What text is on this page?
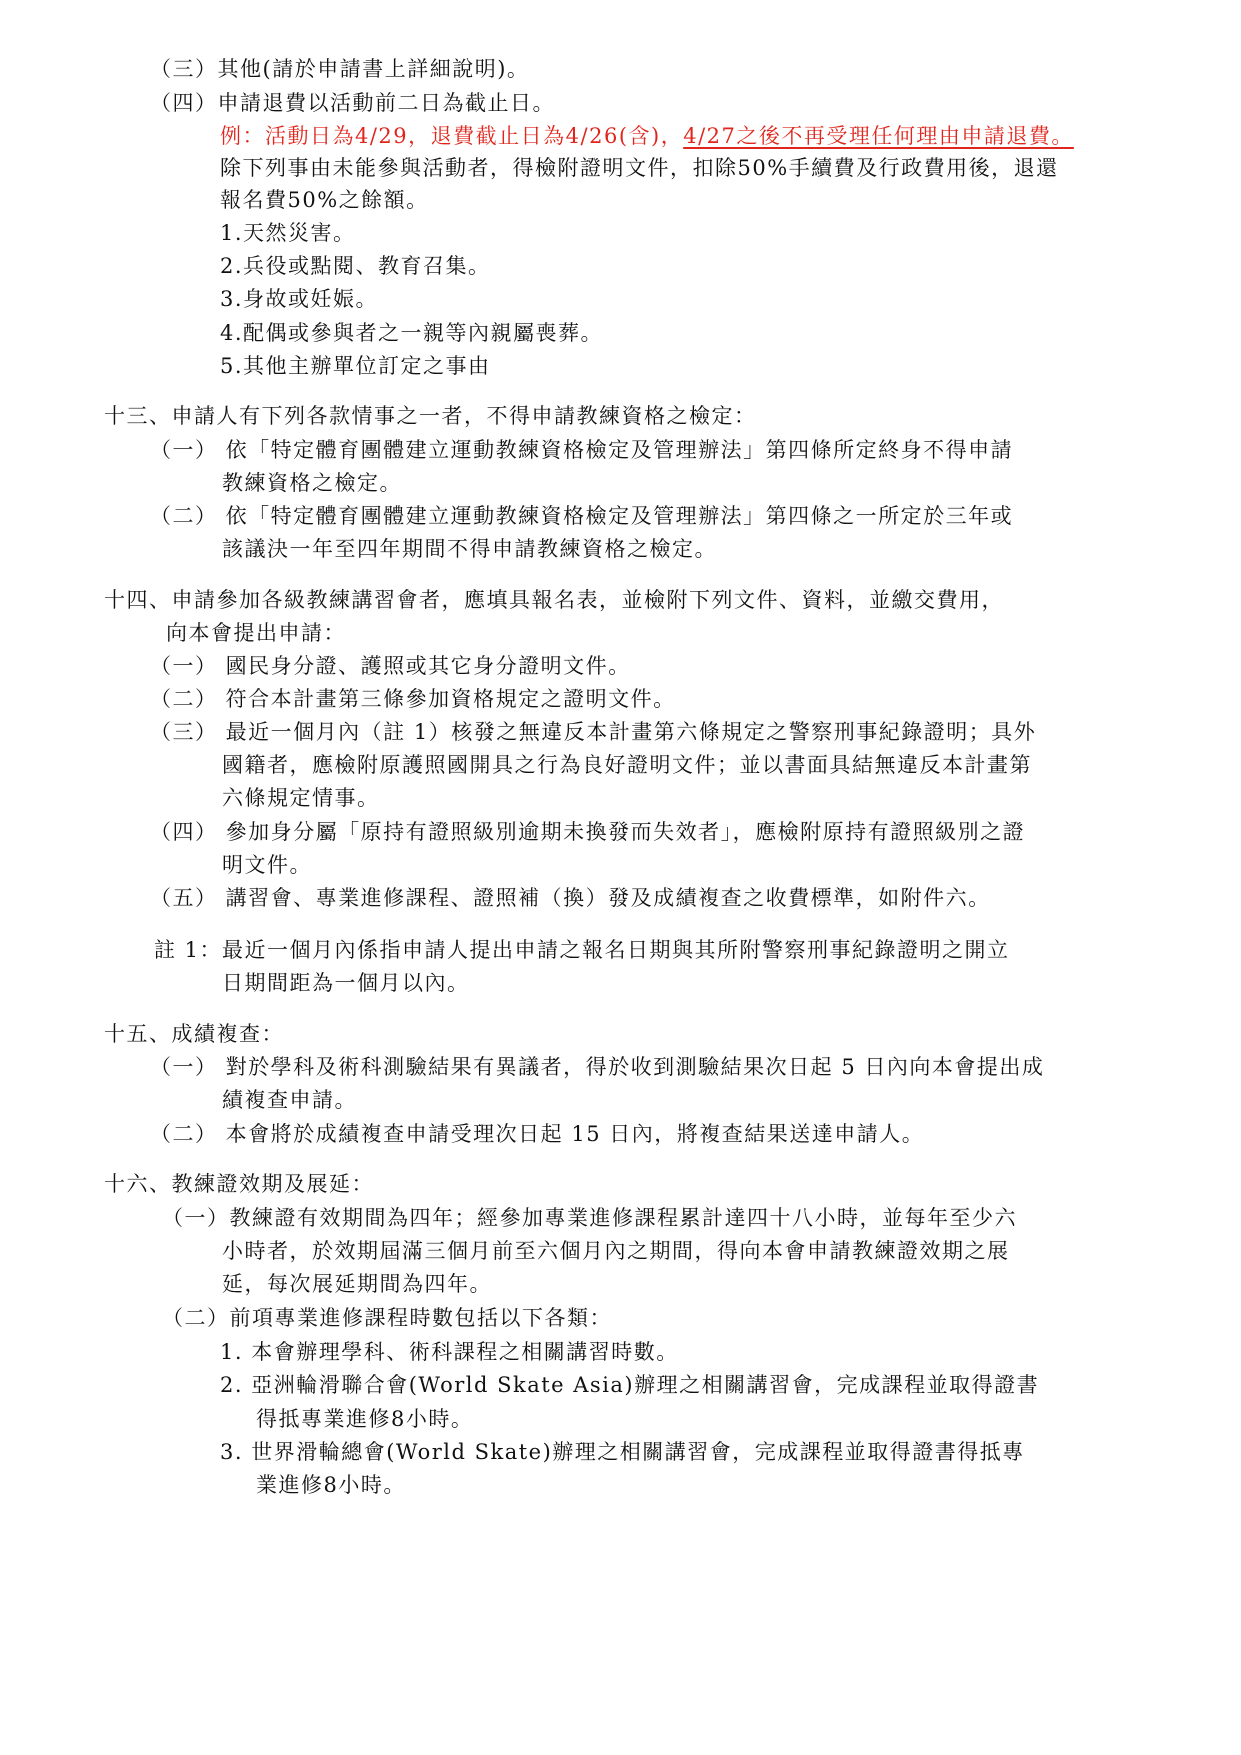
（三）其他(請於申請書上詳細說明)。
（四）申請退費以活動前二日為截止日。
例：活動日為4/29，退費截止日為4/26(含)，4/27之後不再受理任何理由申請退費。
除下列事由未能參與活動者，得檢附證明文件，扣除50%手續費及行政費用後，退還
報名費50%之餘額。
1.天然災害。
2.兵役或點閱、教育召集。
3.身故或妊娠。
4.配偶或參與者之一親等內親屬喪葬。
5.其他主辦單位訂定之事由
十三、申請人有下列各款情事之一者，不得申請教練資格之檢定：
（一） 依「特定體育團體建立運動教練資格檢定及管理辦法」第四條所定終身不得申請
教練資格之檢定。
（二） 依「特定體育團體建立運動教練資格檢定及管理辦法」第四條之一所定於三年或
該議決一年至四年期間不得申請教練資格之檢定。
十四、申請參加各級教練講習會者，應填具報名表，並檢附下列文件、資料，並繳交費用，
向本會提出申請：
（一） 國民身分證、護照或其它身分證明文件。
（二） 符合本計畫第三條參加資格規定之證明文件。
（三） 最近一個月內（註 1）核發之無違反本計畫第六條規定之警察刑事紀錄證明；具外
國籍者，應檢附原護照國開具之行為良好證明文件；並以書面具結無違反本計畫第
六條規定情事。
（四） 參加身分屬「原持有證照級別逾期未換發而失效者」，應檢附原持有證照級別之證
明文件。
（五） 講習會、專業進修課程、證照補（換）發及成績複查之收費標準，如附件六。
註 1：最近一個月內係指申請人提出申請之報名日期與其所附警察刑事紀錄證明之開立
日期間距為一個月以內。
十五、成績複查：
（一） 對於學科及術科測驗結果有異議者，得於收到測驗結果次日起 5 日內向本會提出成
績複查申請。
（二） 本會將於成績複查申請受理次日起 15 日內，將複查結果送達申請人。
十六、教練證效期及展延：
（一）教練證有效期間為四年；經參加專業進修課程累計達四十八小時，並每年至少六
小時者，於效期屆滿三個月前至六個月內之期間，得向本會申請教練證效期之展
延，每次展延期間為四年。
（二）前項專業進修課程時數包括以下各類：
1. 本會辦理學科、術科課程之相關講習時數。
2. 亞洲輪滑聯合會(World Skate Asia)辦理之相關講習會，完成課程並取得證書
得抵專業進修8小時。
3. 世界滑輪總會(World Skate)辦理之相關講習會，完成課程並取得證書得抵專
業進修8小時。
